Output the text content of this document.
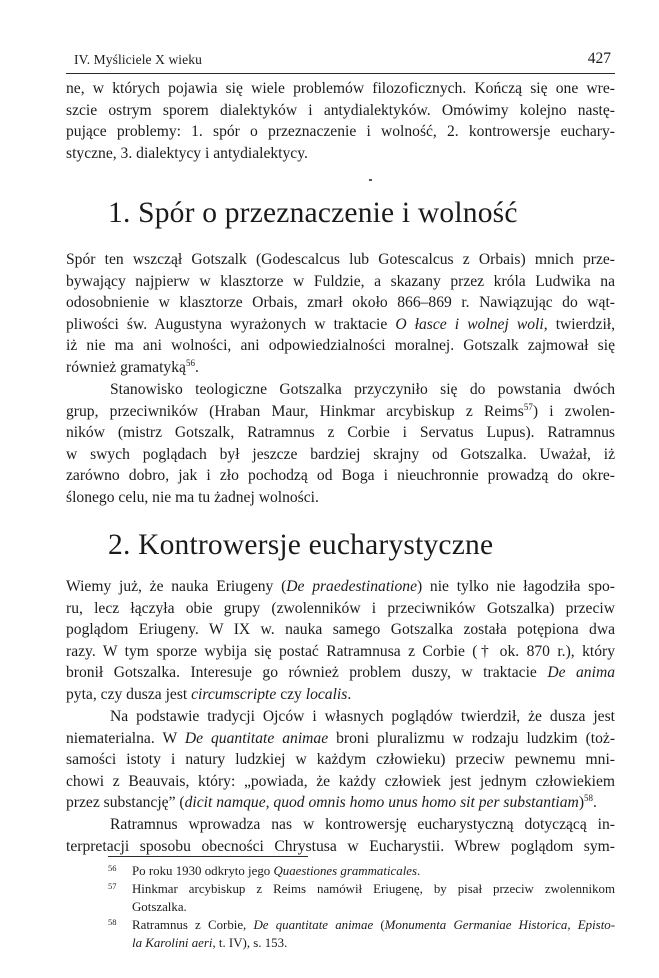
IV. Myśliciele X wieku	427

ne, w których pojawia się wiele problemów filozoficznych. Kończą się one wre-
szcie ostrym sporem dialektyków i antydialektyków. Omówimy kolejno nastę-
pujące problemy: 1. spór o przeznaczenie i wolność, 2. kontrowersje euchary-
styczne, 3. dialektycy i antydialektycy.

1. Spór o przeznaczenie i wolność

Spór ten wszczął Gotszalk (Godescalcus lub Gotescalcus z Orbais) mnich prze-
bywający najpierw w klasztorze w Fuldzie, a skazany przez króla Ludwika na
odosobnienie w klasztorze Orbais, zmarł około 866–869 r. Nawiązując do wąt-
pliwości św. Augustyna wyrażonych w traktacie O łasce i wolnej woli, twierdził,
iż nie ma ani wolności, ani odpowiedzialności moralnej. Gotszalk zajmował się
również gramatyką$^{56}$.

Stanowisko teologiczne Gotszalka przyczyniło się do powstania dwóch
grup, przeciwników (Hraban Maur, Hinkmar arcybiskup z Reims$^{57}$) i zwolen-
ników (mistrz Gotszalk, Ratramnus z Corbie i Servatus Lupus). Ratramnus
w swych poglądach był jeszcze bardziej skrajny od Gotszalka. Uważał, iż
zarówno dobro, jak i zło pochodzą od Boga i nieuchronnie prowadzą do okre-
ślonego celu, nie ma tu żadnej wolności.

2. Kontrowersje eucharystyczne

Wiemy już, że nauka Eriugeny (De praedestinatione) nie tylko nie łagodziła spo-
ru, lecz łączyła obie grupy (zwolenników i przeciwników Gotszalka) przeciw
poglądom Eriugeny. W IX w. nauka samego Gotszalka została potępiona dwa
razy. W tym sporze wybija się postać Ratramnusa z Corbie († ok. 870 r.), który
bronił Gotszalka. Interesuje go również problem duszy, w traktacie De anima
pyta, czy dusza jest circumscripte czy localis.

Na podstawie tradycji Ojców i własnych poglądów twierdził, że dusza jest
niematerialna. W De quantitate animae broni pluralizmu w rodzaju ludzkim (toż-
samości istoty i natury ludzkiej w każdym człowieku) przeciw pewnemu mni-
chowi z Beauvais, który: „powiada, że każdy człowiek jest jednym człowiekiem
przez substancję” (dicit namque, quod omnis homo unus homo sit per substantiam)$^{58}$.

Ratramnus wprowadza nas w kontrowersję eucharystyczną dotyczącą in-
terpretacji sposobu obecności Chrystusa w Eucharystii. Wbrew poglądom sym-

56 Po roku 1930 odkryto jego Quaestiones grammaticales.
57 Hinkmar arcybiskup z Reims namówił Eriugenę, by pisał przeciw zwolennikom
Gotszalka.
58 Ratramnus z Corbie, De quantitate animae (Monumenta Germaniae Historica, Episto-
la Karolini aeri, t. IV), s. 153.
